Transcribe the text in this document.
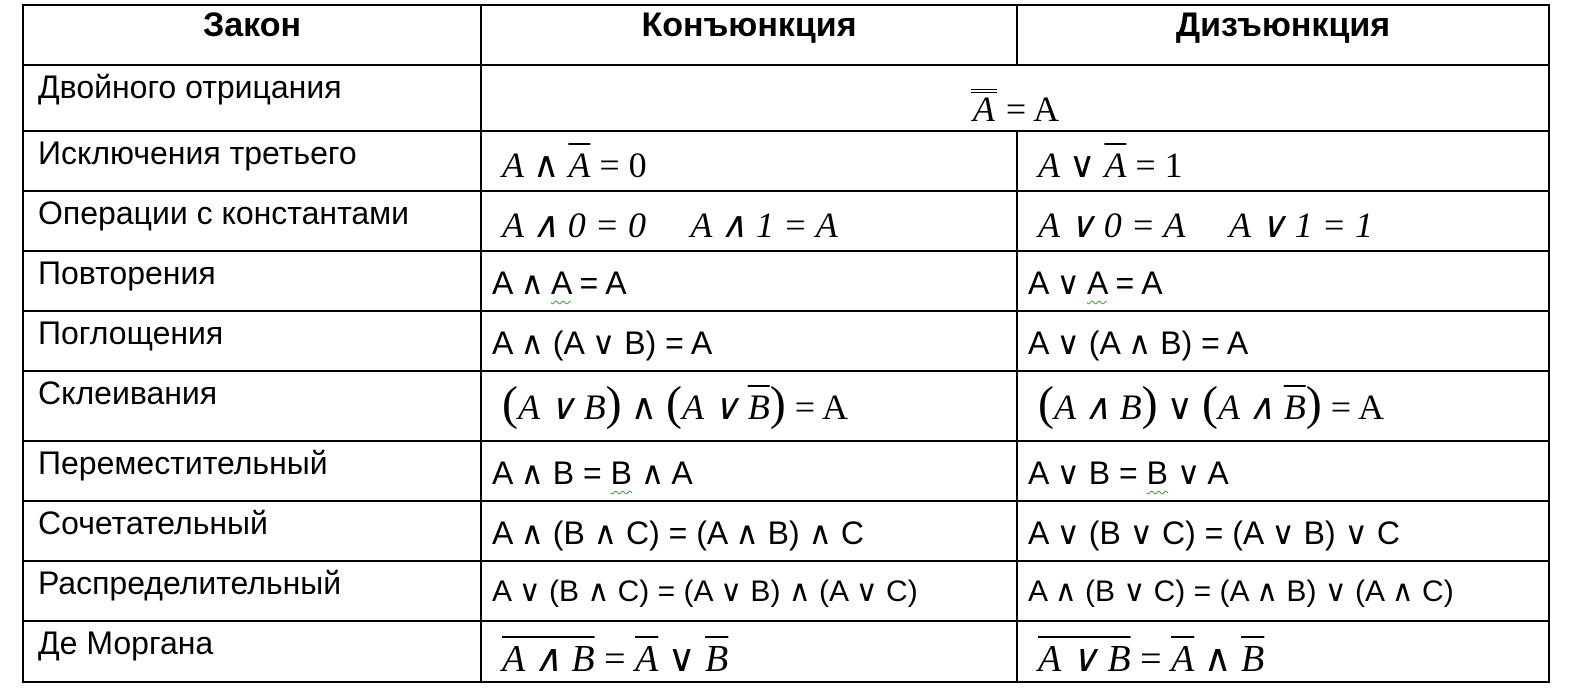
Закон	Конъюнкция	Дизъюнкция
Двойного отрицания	A = A	
Исключения третьего	A ∧ $\overline{A} = 0$	A ∨ $\overline{A} = 1$
Операции с константами	A ∧ 0 = 0     A ∧ 1 = A	A ∨ 0 = A     A ∨ 1 = 1
Повторения	A ∧ A = A	A ∨ A = A
Поглощения	A ∧ (A ∨ B) = A	A ∨ (A ∧ B) = A
Склеивания	(A ∨ B) ∧ (A ∨ $\overline{B}) = A$	(A ∧ B) ∨ (A ∧ $\overline{B}) = A$
Переместительный	A ∧ B = B ∧ A	A ∨ B = B ∨ A
Сочетательный	A ∧ (B ∧ C) = (A ∧ B) ∧ C	A ∨ (B ∨ C) = (A ∨ B) ∨ C
Распределительный	A ∨ (B ∧ C) = (A ∨ B) ∧ (A ∨ C)	A ∧ (B ∨ C) = (A ∧ B) ∨ (A ∧ C)
Де Моргана	A ∧ $B = \overline{A}$ ∨ $\overline{B}$	A ∨ $B = \overline{A}$ ∧ $\overline{B}$
